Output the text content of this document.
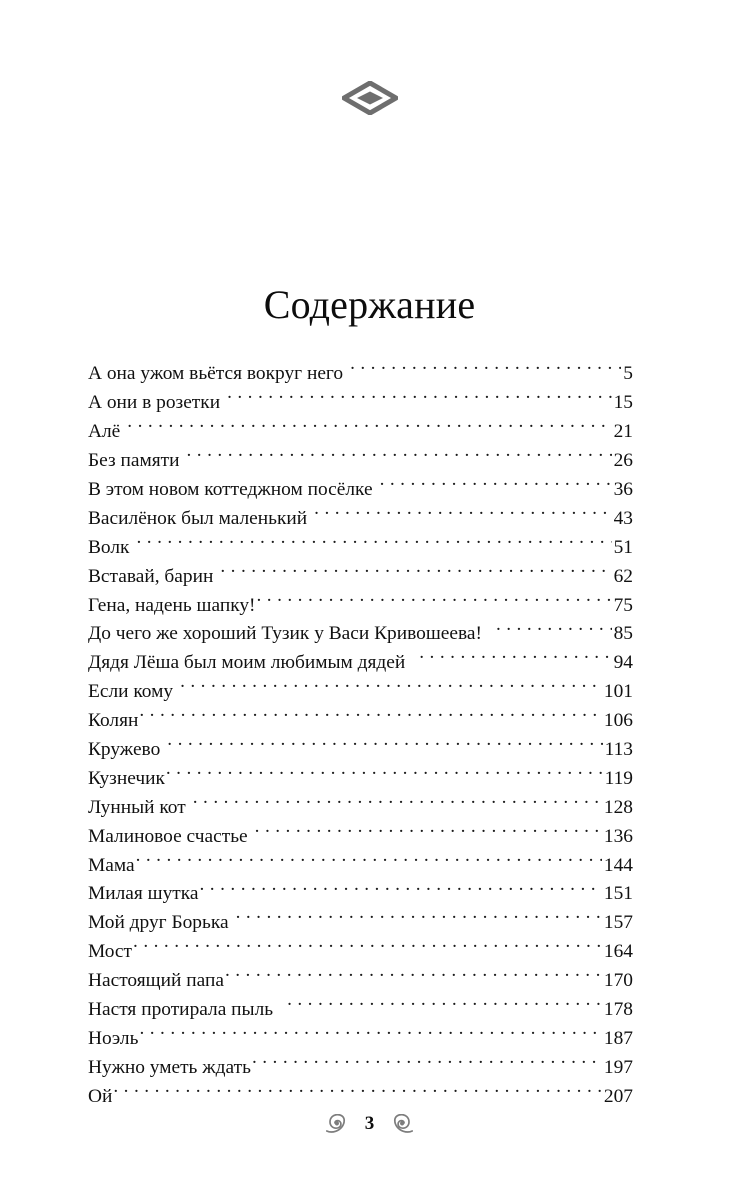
Содержание
А она ужом вьётся вокруг него . . .	5
А они в розетки . . .	15
Алё . . .	21
Без памяти . . .	26
В этом новом коттеджном посёлке . . .	36
Василёнок был маленький . . .	43
Волк . . .	51
Вставай, барин . . .	62
Гена, надень шапку! . . .	75
До чего же хороший Тузик у Васи Кривошеева! . . .	85
Дядя Лёша был моим любимым дядей . . .	94
Если кому . . .	101
Колян . . .	106
Кружево . . .	113
Кузнечик . . .	119
Лунный кот . . .	128
Малиновое счастье . . .	136
Мама . . .	144
Милая шутка . . .	151
Мой друг Борька . . .	157
Мост . . .	164
Настоящий папа . . .	170
Настя протирала пыль . . .	178
Ноэль . . .	187
Нужно уметь ждать . . .	197
Ой . . .	207
3
